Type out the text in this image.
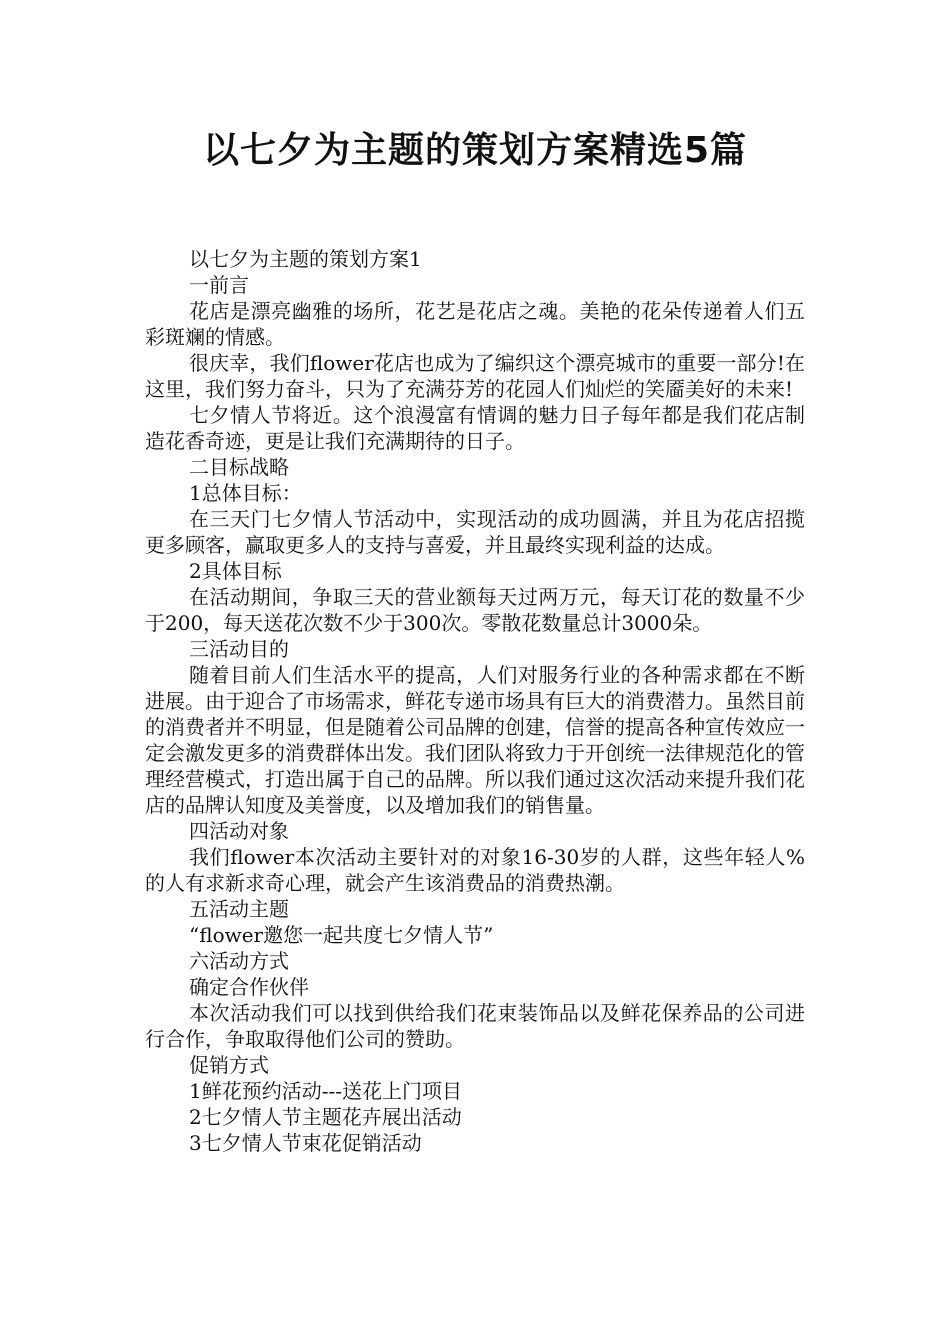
以七夕为主题的策划方案精选5篇

以七夕为主题的策划方案1

一前言

花店是漂亮幽雅的场所，花艺是花店之魂。美艳的花朵传递着人们五彩斑斓的情感。

很庆幸，我们flower花店也成为了编织这个漂亮城市的重要一部分!在这里，我们努力奋斗，只为了充满芬芳的花园人们灿烂的笑靥美好的未来!

七夕情人节将近。这个浪漫富有情调的魅力日子每年都是我们花店制造花香奇迹，更是让我们充满期待的日子。

二目标战略

1总体目标：

在三天门七夕情人节活动中，实现活动的成功圆满，并且为花店招揽更多顾客，赢取更多人的支持与喜爱，并且最终实现利益的达成。

2具体目标

在活动期间，争取三天的营业额每天过两万元，每天订花的数量不少于200，每天送花次数不少于300次。零散花数量总计3000朵。

三活动目的

随着目前人们生活水平的提高，人们对服务行业的各种需求都在不断进展。由于迎合了市场需求，鲜花专递市场具有巨大的消费潜力。虽然目前的消费者并不明显，但是随着公司品牌的创建，信誉的提高各种宣传效应一定会激发更多的消费群体出发。我们团队将致力于开创统一法律规范化的管理经营模式，打造出属于自己的品牌。所以我们通过这次活动来提升我们花店的品牌认知度及美誉度，以及增加我们的销售量。

四活动对象

我们flower本次活动主要针对的对象16-30岁的人群，这些年轻人%的人有求新求奇心理，就会产生该消费品的消费热潮。

五活动主题

“flower邀您一起共度七夕情人节”

六活动方式

确定合作伙伴

本次活动我们可以找到供给我们花束装饰品以及鲜花保养品的公司进行合作，争取取得他们公司的赞助。

促销方式

1鲜花预约活动---送花上门项目

2七夕情人节主题花卉展出活动

3七夕情人节束花促销活动
